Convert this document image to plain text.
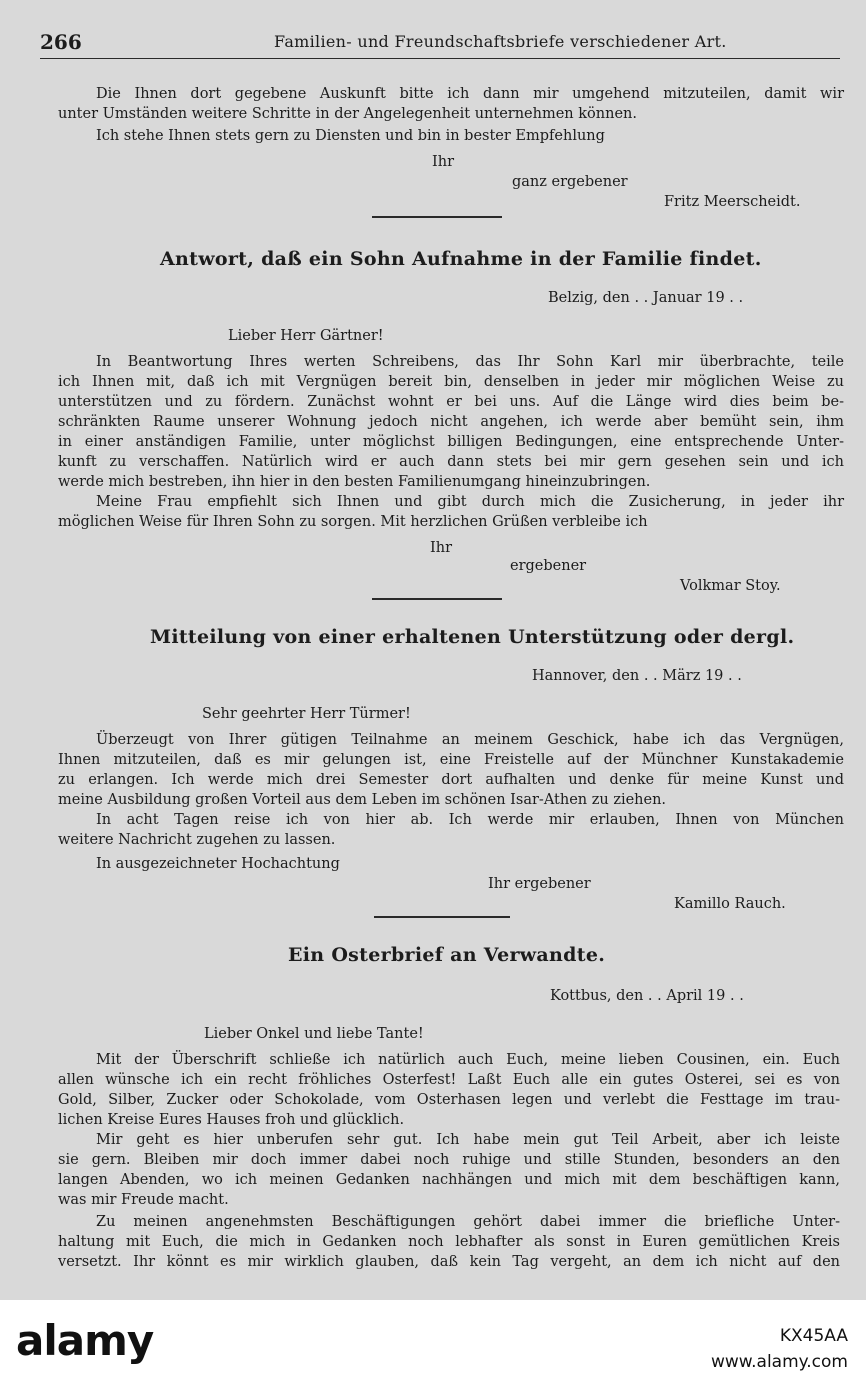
266	Familien- und Freundschaftsbriefe verschiedener Art.
Die Ihnen dort gegebene Auskunft bitte ich dann mir umgehend mitzuteilen, damit wir
unter Umständen weitere Schritte in der Angelegenheit unternehmen können.
Ich stehe Ihnen stets gern zu Diensten und bin in bester Empfehlung
Ihr
ganz ergebener
Fritz Meerscheidt.
Antwort, daß ein Sohn Aufnahme in der Familie findet.
Belzig, den . . Januar 19 . .
Lieber Herr Gärtner!
In Beantwortung Ihres werten Schreibens, das Ihr Sohn Karl mir überbrachte, teile
ich Ihnen mit, daß ich mit Vergnügen bereit bin, denselben in jeder mir möglichen Weise zu
unterstützen und zu fördern. Zunächst wohnt er bei uns. Auf die Länge wird dies beim be-
schränkten Raume unserer Wohnung jedoch nicht angehen, ich werde aber bemüht sein, ihm
in einer anständigen Familie, unter möglichst billigen Bedingungen, eine entsprechende Unter-
kunft zu verschaffen. Natürlich wird er auch dann stets bei mir gern gesehen sein und ich
werde mich bestreben, ihn hier in den besten Familienumgang hineinzubringen.
Meine Frau empfiehlt sich Ihnen und gibt durch mich die Zusicherung, in jeder ihr
möglichen Weise für Ihren Sohn zu sorgen. Mit herzlichen Grüßen verbleibe ich
Ihr
ergebener
Volkmar Stoy.
Mitteilung von einer erhaltenen Unterstützung oder dergl.
Hannover, den . . März 19 . .
Sehr geehrter Herr Türmer!
Überzeugt von Ihrer gütigen Teilnahme an meinem Geschick, habe ich das Vergnügen,
Ihnen mitzuteilen, daß es mir gelungen ist, eine Freistelle auf der Münchner Kunstakademie
zu erlangen. Ich werde mich drei Semester dort aufhalten und denke für meine Kunst und
meine Ausbildung großen Vorteil aus dem Leben im schönen Isar-Athen zu ziehen.
In acht Tagen reise ich von hier ab. Ich werde mir erlauben, Ihnen von München
weitere Nachricht zugehen zu lassen.
In ausgezeichneter Hochachtung
Ihr ergebener
Kamillo Rauch.
Ein Osterbrief an Verwandte.
Kottbus, den . . April 19 . .
Lieber Onkel und liebe Tante!
Mit der Überschrift schließe ich natürlich auch Euch, meine lieben Cousinen, ein. Euch
allen wünsche ich ein recht fröhliches Osterfest! Laßt Euch alle ein gutes Osterei, sei es von
Gold, Silber, Zucker oder Schokolade, vom Osterhasen legen und verlebt die Festtage im trau-
lichen Kreise Eures Hauses froh und glücklich.
Mir geht es hier unberufen sehr gut. Ich habe mein gut Teil Arbeit, aber ich leiste
sie gern. Bleiben mir doch immer dabei noch ruhige und stille Stunden, besonders an den
langen Abenden, wo ich meinen Gedanken nachhängen und mich mit dem beschäftigen kann,
was mir Freude macht.
Zu meinen angenehmsten Beschäftigungen gehört dabei immer die briefliche Unter-
haltung mit Euch, die mich in Gedanken noch lebhafter als sonst in Euren gemütlichen Kreis
versetzt. Ihr könnt es mir wirklich glauben, daß kein Tag vergeht, an dem ich nicht auf den
alamy	KX45AA
www.alamy.com
